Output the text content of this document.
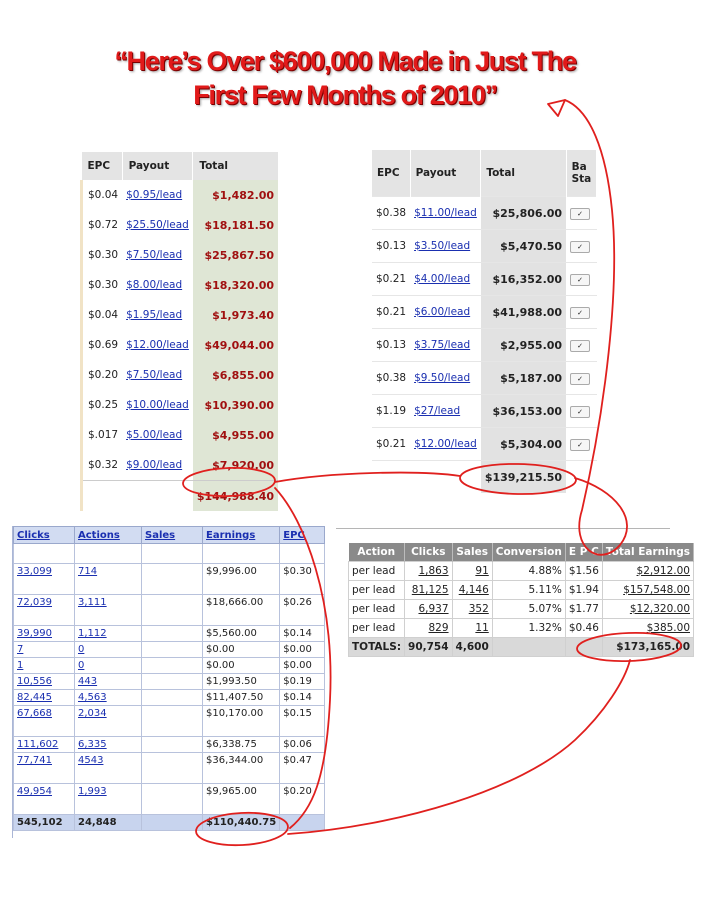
“Here’s Over $600,000 Made in Just The
First Few Months of 2010”
EPC	Payout	Total
$0.04	$0.95/lead	$1,482.00
$0.72	$25.50/lead	$18,181.50
$0.30	$7.50/lead	$25,867.50
$0.30	$8.00/lead	$18,320.00
$0.04	$1.95/lead	$1,973.40
$0.69	$12.00/lead	$49,044.00
$0.20	$7.50/lead	$6,855.00
$0.25	$10.00/lead	$10,390.00
$.017	$5.00/lead	$4,955.00
$0.32	$9.00/lead	$7,920.00
		$144,988.40
EPC	Payout	Total	Ba
Sta
$0.38	$11.00/lead	$25,806.00	✓
$0.13	$3.50/lead	$5,470.50	✓
$0.21	$4.00/lead	$16,352.00	✓
$0.21	$6.00/lead	$41,988.00	✓
$0.13	$3.75/lead	$2,955.00	✓
$0.38	$9.50/lead	$5,187.00	✓
$1.19	$27/lead	$36,153.00	✓
$0.21	$12.00/lead	$5,304.00	✓
		$139,215.50	
Clicks	Actions	Sales	Earnings	EPC

33,099	714		$9,996.00	$0.30
72,039	3,111		$18,666.00	$0.26
39,990	1,112		$5,560.00	$0.14
7	0		$0.00	$0.00
1	0		$0.00	$0.00
10,556	443		$1,993.50	$0.19
82,445	4,563		$11,407.50	$0.14
67,668	2,034		$10,170.00	$0.15
111,602	6,335		$6,338.75	$0.06
77,741	4543		$36,344.00	$0.47
49,954	1,993		$9,965.00	$0.20
545,102	24,848		$110,440.75	
Action	Clicks	Sales	Conversion	E P C	Total Earnings
per lead	1,863	91	4.88%	$1.56	$2,912.00
per lead	81,125	4,146	5.11%	$1.94	$157,548.00
per lead	6,937	352	5.07%	$1.77	$12,320.00
per lead	829	11	1.32%	$0.46	$385.00
TOTALS:	90,754	4,600			$173,165.00
